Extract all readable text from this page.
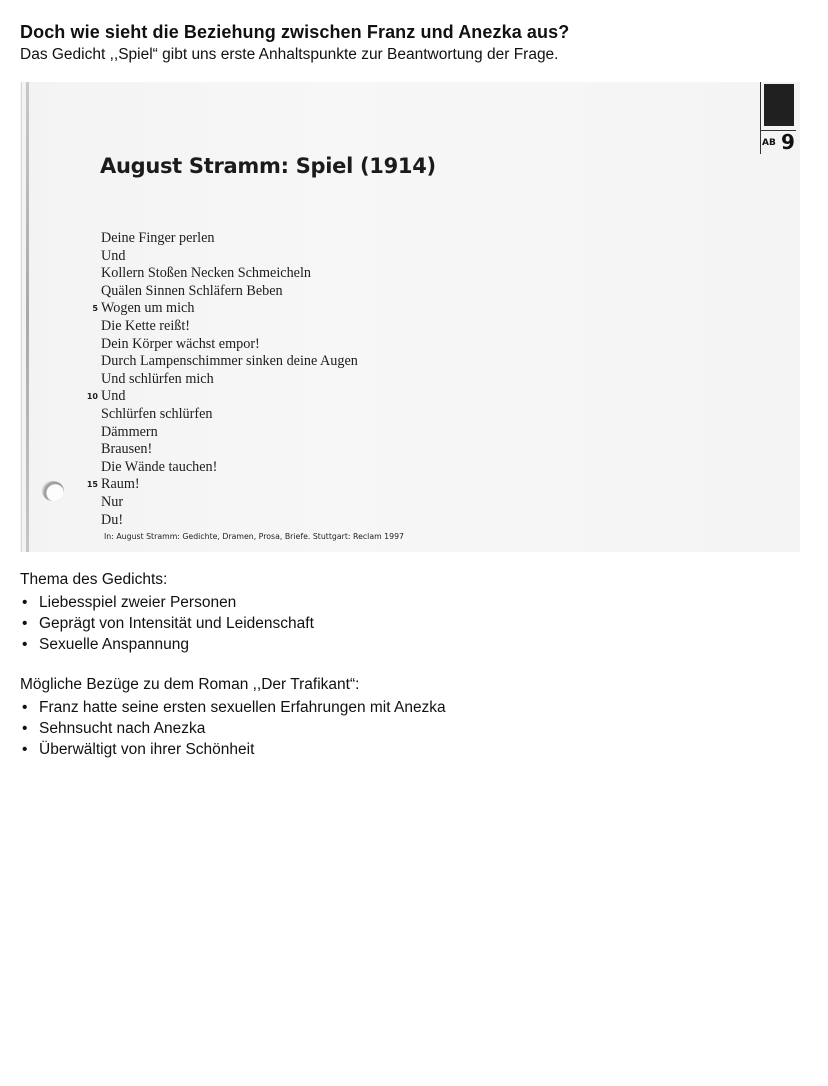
Doch wie sieht die Beziehung zwischen Franz und Anezka aus?

Das Gedicht ,,Spiel“ gibt uns erste Anhaltspunkte zur Beantwortung der Frage.

AB 9
August Stramm: Spiel (1914)
Deine Finger perlen
Und
Kollern Stoßen Necken Schmeicheln
Quälen Sinnen Schläfern Beben
5 Wogen um mich
Die Kette reißt!
Dein Körper wächst empor!
Durch Lampenschimmer sinken deine Augen
Und schlürfen mich
10 Und
Schlürfen schlürfen
Dämmern
Brausen!
Die Wände tauchen!
15 Raum!
Nur
Du!
In: August Stramm: Gedichte, Dramen, Prosa, Briefe. Stuttgart: Reclam 1997

Thema des Gedichts:

• Liebesspiel zweier Personen
• Geprägt von Intensität und Leidenschaft
• Sexuelle Anspannung

Mögliche Bezüge zu dem Roman ,,Der Trafikant“:

• Franz hatte seine ersten sexuellen Erfahrungen mit Anezka
• Sehnsucht nach Anezka
• Überwältigt von ihrer Schönheit
